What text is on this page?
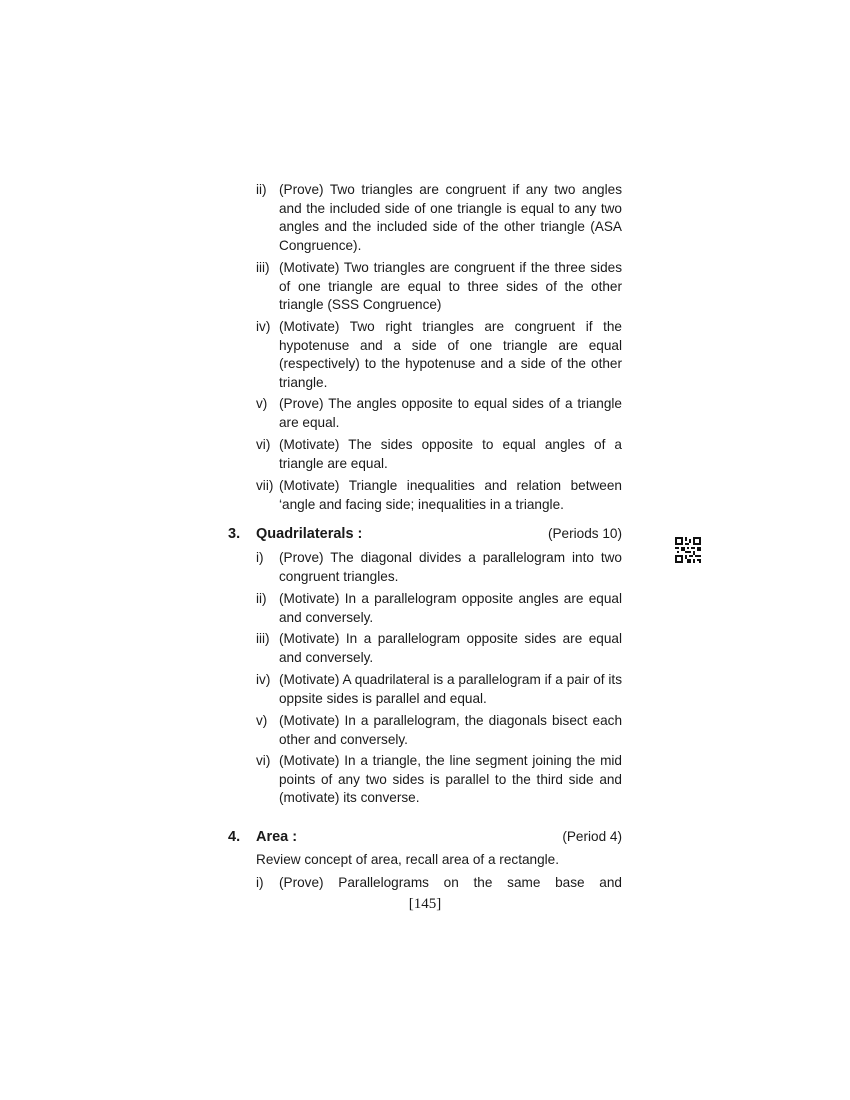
ii) (Prove) Two triangles are congruent if any two angles and the included side of one triangle is equal to any two angles and the included side of the other triangle (ASA Congruence).
iii) (Motivate) Two triangles are congruent if the three sides of one triangle are equal to three sides of the other triangle (SSS Congruence)
iv) (Motivate) Two right triangles are congruent if the hypotenuse and a side of one triangle are equal (respectively) to the hypotenuse and a side of the other triangle.
v) (Prove) The angles opposite to equal sides of a triangle are equal.
vi) (Motivate) The sides opposite to equal angles of a triangle are equal.
vii) (Motivate) Triangle inequalities and relation between ‘angle and facing side; inequalities in a triangle.
3. Quadrilaterals :	(Periods 10)
i)	(Prove) The diagonal divides a parallelogram into two congruent triangles.
ii) (Motivate) In a parallelogram opposite angles are equal and conversely.
iii) (Motivate) In a parallelogram opposite sides are equal and conversely.
iv) (Motivate) A quadrilateral is a parallelogram if a pair of its oppsite sides is parallel and equal.
v) (Motivate) In a parallelogram, the diagonals bisect each other and conversely.
vi) (Motivate) In a triangle, the line segment joining the mid points of any two sides is parallel to the third side and (motivate) its converse.
4. Area :	(Period 4)
Review concept of area, recall area of a rectangle.
i)	(Prove) Parallelograms on the same base and
[145]
